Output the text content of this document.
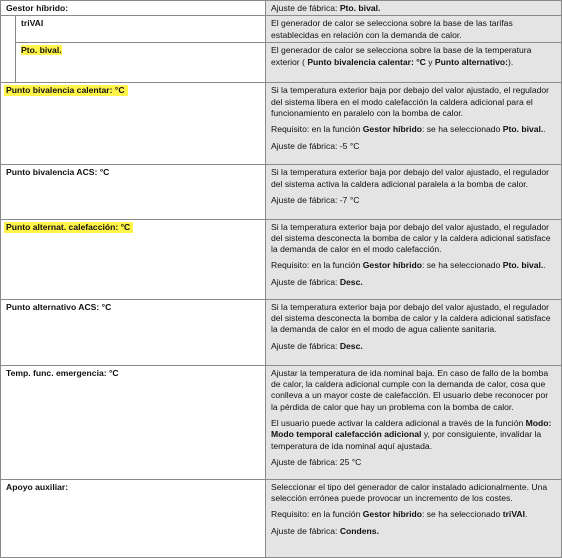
Gestor híbrido:		Ajuste de fábrica: Pto. bival.
	triVAI	El generador de calor se selecciona sobre la base de las tarifas establecidas en relación con la demanda de calor.
	Pto. bival.	El generador de calor se selecciona sobre la base de la temperatura exterior ( Punto bivalencia calentar: °C y Punto alternativo:).
Punto bivalencia calentar: °C		Si la temperatura exterior baja por debajo del valor ajustado, el regulador del sistema libera en el modo calefacción la caldera adicional para el funcionamiento en paralelo con la bomba de calor.

Requisito: en la función Gestor híbrido: se ha seleccionado Pto. bival..

Ajuste de fábrica: -5 °C

Punto bivalencia ACS: °C		Si la temperatura exterior baja por debajo del valor ajustado, el regulador del sistema activa la caldera adicional paralela a la bomba de calor.

Ajuste de fábrica: -7 °C

Punto alternat. calefacción: °C		Si la temperatura exterior baja por debajo del valor ajustado, el regulador del sistema desconecta la bomba de calor y la caldera adicional satisface la demanda de calor en el modo calefacción.

Requisito: en la función Gestor híbrido: se ha seleccionado Pto. bival..

Ajuste de fábrica: Desc.

Punto alternativo ACS: °C		Si la temperatura exterior baja por debajo del valor ajustado, el regulador del sistema desconecta la bomba de calor y la caldera adicional satisface la demanda de calor en el modo de agua caliente sanitaria.

Ajuste de fábrica: Desc.

Temp. func. emergencia: °C		Ajustar la temperatura de ida nominal baja. En caso de fallo de la bomba de calor, la caldera adicional cumple con la demanda de calor, cosa que conlleva a un mayor coste de calefacción. El usuario debe reconocer por la pérdida de calor que hay un problema con la bomba de calor.

El usuario puede activar la caldera adicional a través de la función Modo: Modo temporal calefacción adicional y, por consiguiente, invalidar la temperatura de ida nominal aquí ajustada.

Ajuste de fábrica: 25 °C

Apoyo auxiliar:		Seleccionar el tipo del generador de calor instalado adicionalmente. Una selección errónea puede provocar un incremento de los costes.

Requisito: en la función Gestor híbrido: se ha seleccionado triVAI.

Ajuste de fábrica: Condens.
